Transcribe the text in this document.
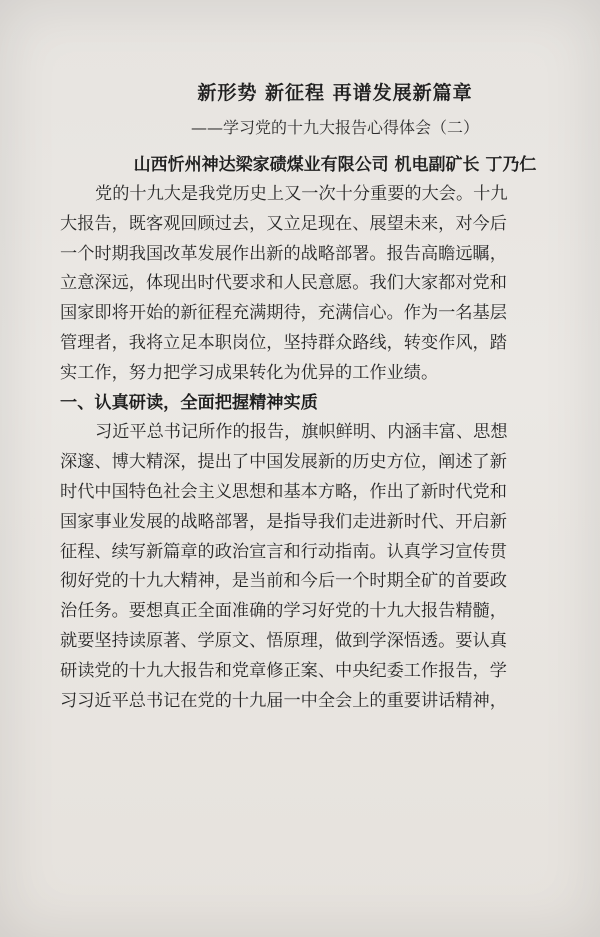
新形势 新征程 再谱发展新篇章
——学习党的十九大报告心得体会（二）
山西忻州神达梁家碛煤业有限公司 机电副矿长 丁乃仁
党的十九大是我党历史上又一次十分重要的大会。十九
大报告，既客观回顾过去，又立足现在、展望未来，对今后
一个时期我国改革发展作出新的战略部署。报告高瞻远瞩，
立意深远，体现出时代要求和人民意愿。我们大家都对党和
国家即将开始的新征程充满期待，充满信心。作为一名基层
管理者，我将立足本职岗位，坚持群众路线，转变作风，踏
实工作，努力把学习成果转化为优异的工作业绩。
一、认真研读，全面把握精神实质
习近平总书记所作的报告，旗帜鲜明、内涵丰富、思想
深邃、博大精深，提出了中国发展新的历史方位，阐述了新
时代中国特色社会主义思想和基本方略，作出了新时代党和
国家事业发展的战略部署，是指导我们走进新时代、开启新
征程、续写新篇章的政治宣言和行动指南。认真学习宣传贯
彻好党的十九大精神，是当前和今后一个时期全矿的首要政
治任务。要想真正全面准确的学习好党的十九大报告精髓，
就要坚持读原著、学原文、悟原理，做到学深悟透。要认真
研读党的十九大报告和党章修正案、中央纪委工作报告，学
习习近平总书记在党的十九届一中全会上的重要讲话精神，
